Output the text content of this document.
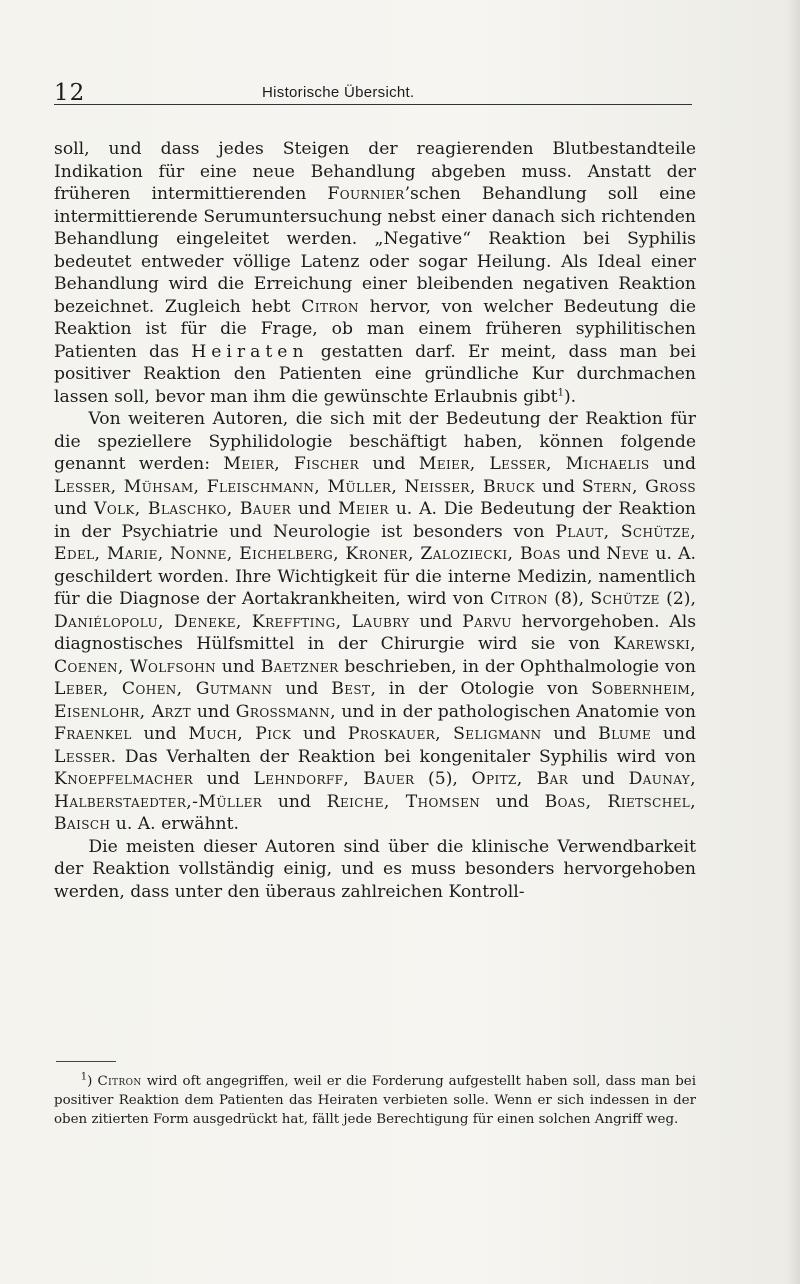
12	Historische Übersicht.

soll, und dass jedes Steigen der reagierenden Blutbestandteile Indikation für eine neue Behandlung abgeben muss. Anstatt der früheren intermittierenden Fournier’schen Behandlung soll eine intermittierende Serumuntersuchung nebst einer danach sich richtenden Behandlung eingeleitet werden. „Negative“ Reaktion bei Syphilis bedeutet entweder völlige Latenz oder sogar Heilung. Als Ideal einer Behandlung wird die Erreichung einer bleibenden negativen Reaktion bezeichnet. Zugleich hebt Citron hervor, von welcher Bedeutung die Reaktion ist für die Frage, ob man einem früheren syphilitischen Patienten das Heiraten gestatten darf. Er meint, dass man bei positiver Reaktion den Patienten eine gründliche Kur durchmachen lassen soll, bevor man ihm die gewünschte Erlaubnis gibt$^1$).

Von weiteren Autoren, die sich mit der Bedeutung der Reaktion für die speziellere Syphilidologie beschäftigt haben, können folgende genannt werden: Meier, Fischer und Meier, Lesser, Michaelis und Lesser, Mühsam, Fleischmann, Müller, Neisser, Bruck und Stern, Gross und Volk, Blaschko, Bauer und Meier u. A. Die Bedeutung der Reaktion in der Psychiatrie und Neurologie ist besonders von Plaut, Schütze, Edel, Marie, Nonne, Eichelberg, Kroner, Zaloziecki, Boas und Neve u. A. geschildert worden. Ihre Wichtigkeit für die interne Medizin, namentlich für die Diagnose der Aortakrankheiten, wird von Citron (8), Schütze (2), Daniélopolu, Deneke, Kreffting, Laubry und Parvu hervorgehoben. Als diagnostisches Hülfsmittel in der Chirurgie wird sie von Karewski, Coenen, Wolfsohn und Baetzner beschrieben, in der Ophthalmologie von Leber, Cohen, Gutmann und Best, in der Otologie von Sobernheim, Eisenlohr, Arzt und Grossmann, und in der pathologischen Anatomie von Fraenkel und Much, Pick und Proskauer, Seligmann und Blume und Lesser. Das Verhalten der Reaktion bei kongenitaler Syphilis wird von Knoepfelmacher und Lehndorff, Bauer (5), Opitz, Bar und Daunay, Halberstaedter,-Müller und Reiche, Thomsen und Boas, Rietschel, Baisch u. A. erwähnt.

Die meisten dieser Autoren sind über die klinische Verwendbarkeit der Reaktion vollständig einig, und es muss besonders hervorgehoben werden, dass unter den überaus zahlreichen Kontroll-

$^1$) Citron wird oft angegriffen, weil er die Forderung aufgestellt haben soll, dass man bei positiver Reaktion dem Patienten das Heiraten verbieten solle. Wenn er sich indessen in der oben zitierten Form ausgedrückt hat, fällt jede Berechtigung für einen solchen Angriff weg.
